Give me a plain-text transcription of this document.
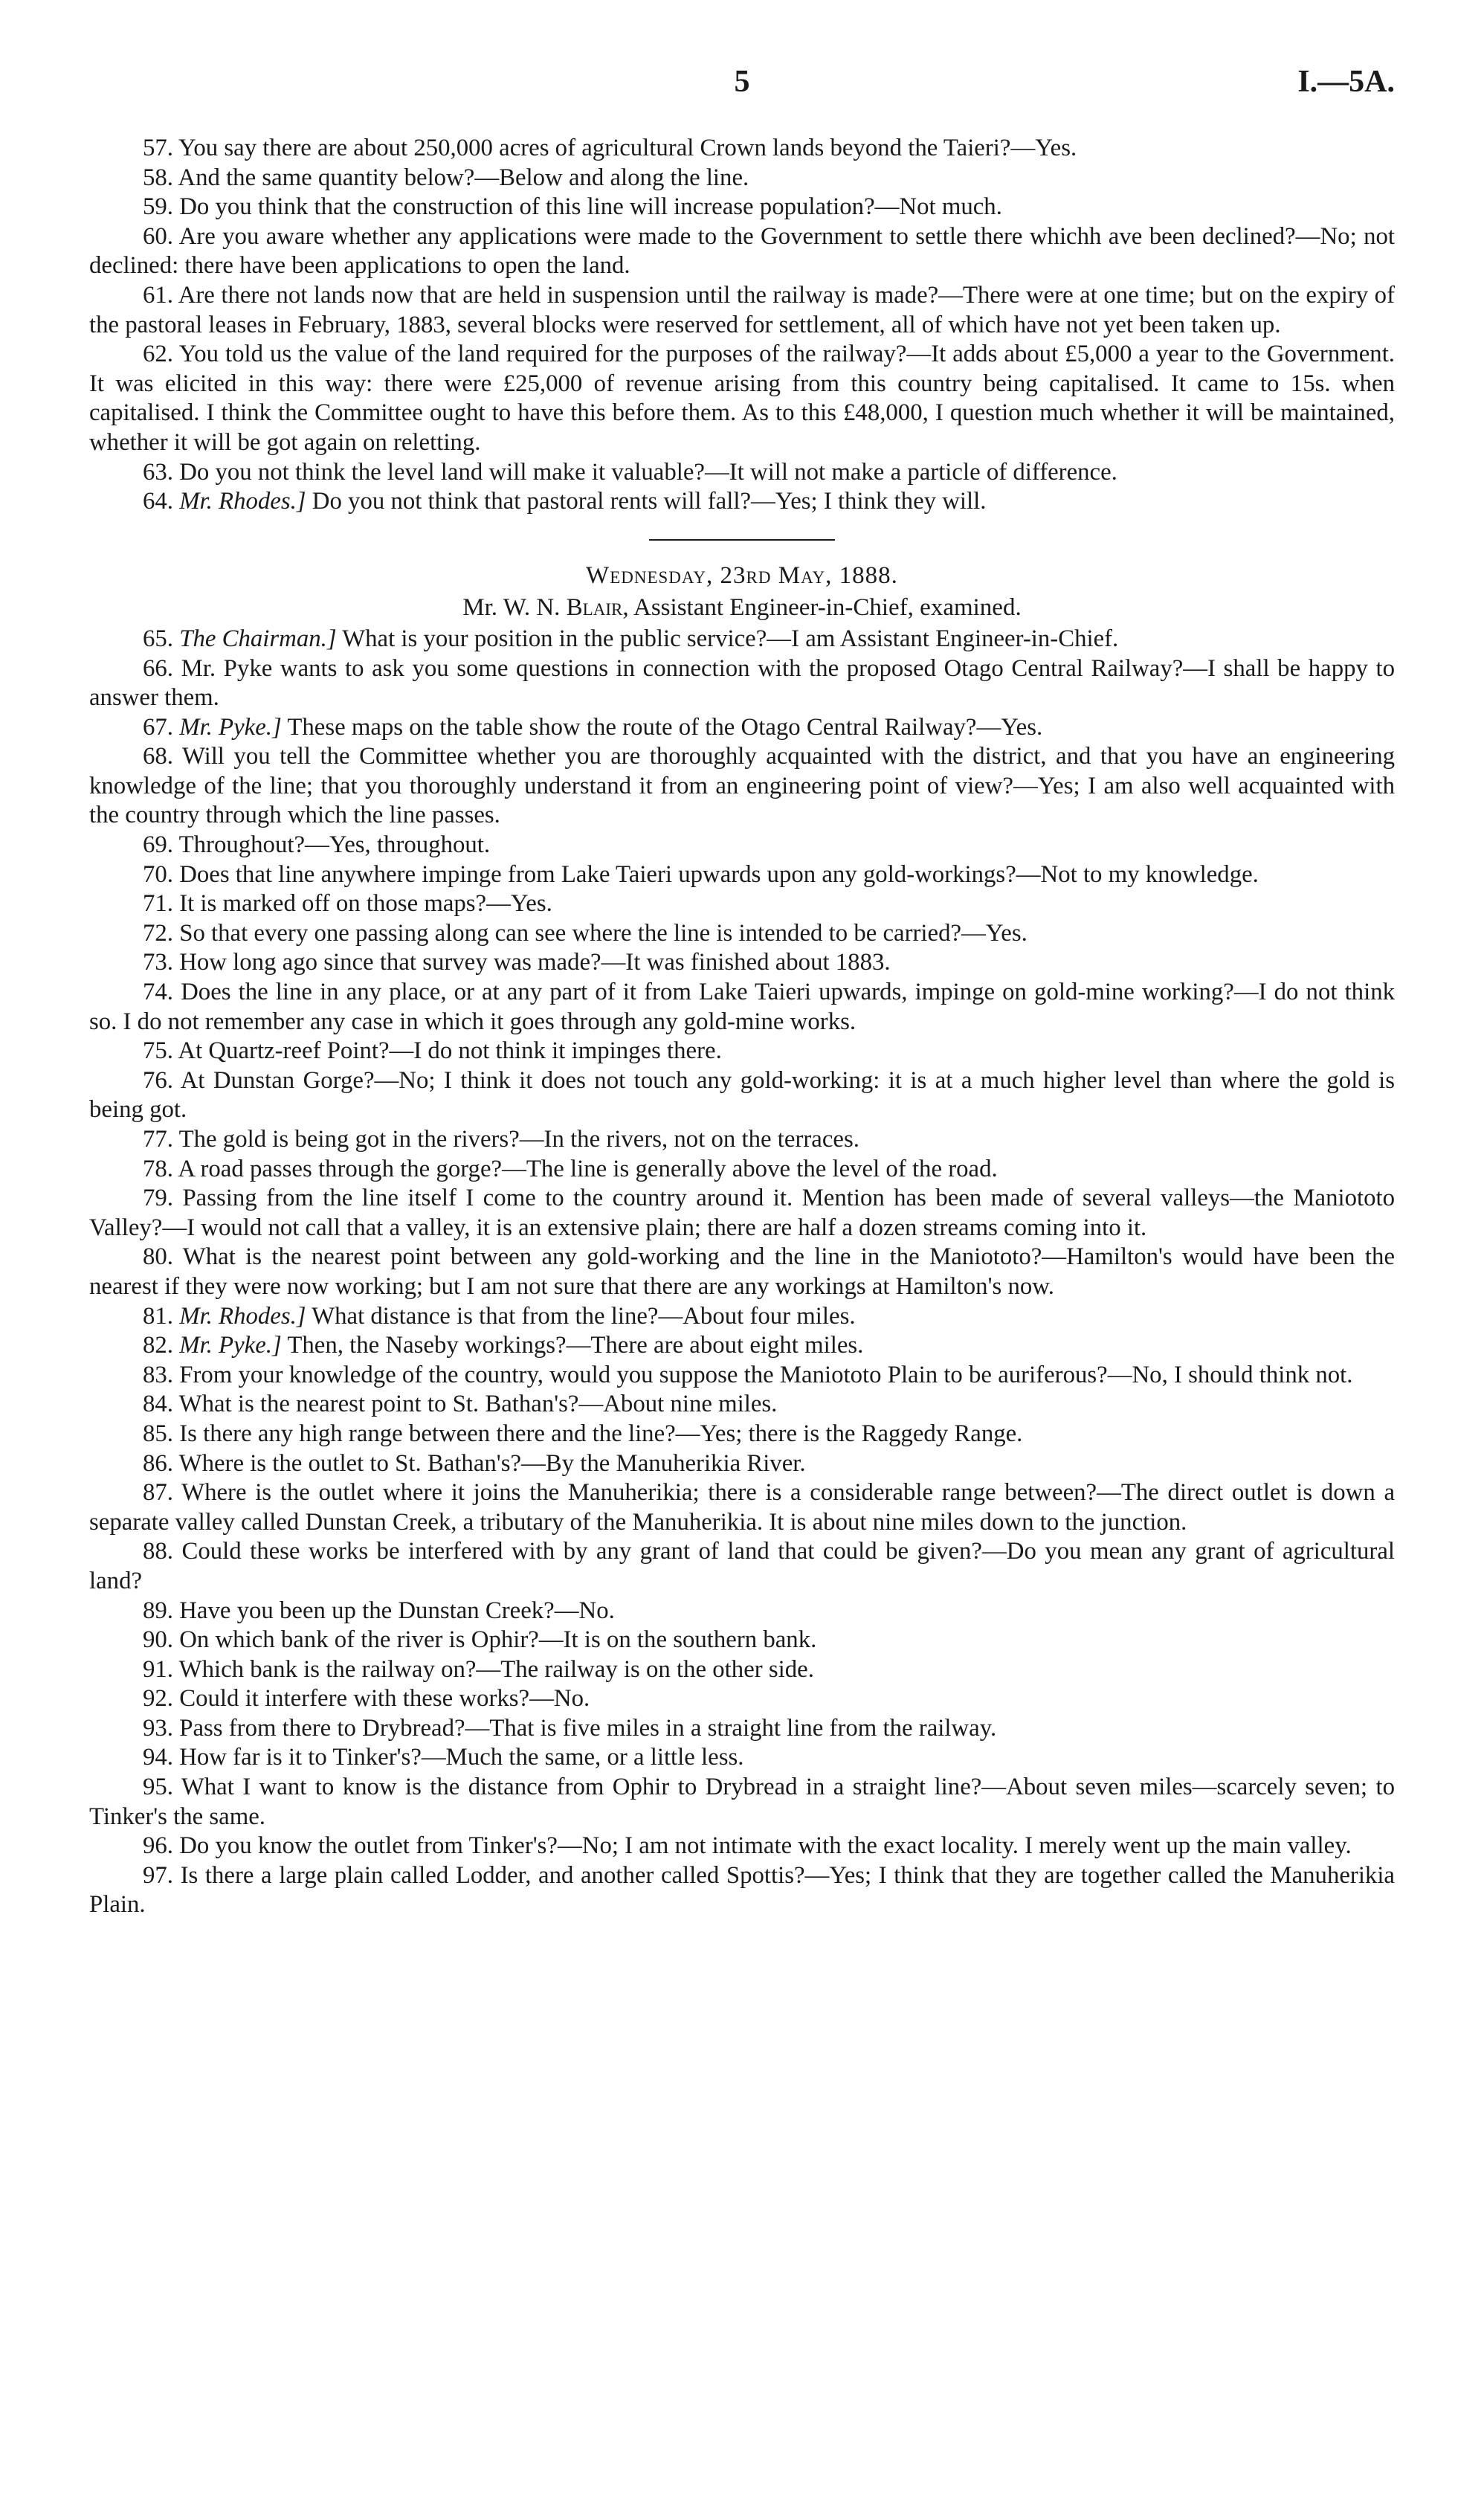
5	I.—5A.

57. You say there are about 250,000 acres of agricultural Crown lands beyond the Taieri?—Yes.

58. And the same quantity below?—Below and along the line.

59. Do you think that the construction of this line will increase population?—Not much.

60. Are you aware whether any applications were made to the Government to settle there whichh ave been declined?—No; not declined: there have been applications to open the land.

61. Are there not lands now that are held in suspension until the railway is made?—There were at one time; but on the expiry of the pastoral leases in February, 1883, several blocks were reserved for settlement, all of which have not yet been taken up.

62. You told us the value of the land required for the purposes of the railway?—It adds about £5,000 a year to the Government. It was elicited in this way: there were £25,000 of revenue arising from this country being capitalised. It came to 15s. when capitalised. I think the Committee ought to have this before them. As to this £48,000, I question much whether it will be maintained, whether it will be got again on reletting.

63. Do you not think the level land will make it valuable?—It will not make a particle of difference.

64. Mr. Rhodes.] Do you not think that pastoral rents will fall?—Yes; I think they will.

Wednesday, 23rd May, 1888.
Mr. W. N. Blair, Assistant Engineer-in-Chief, examined.

65. The Chairman.] What is your position in the public service?—I am Assistant Engineer-in-Chief.

66. Mr. Pyke wants to ask you some questions in connection with the proposed Otago Central Railway?—I shall be happy to answer them.

67. Mr. Pyke.] These maps on the table show the route of the Otago Central Railway?—Yes.

68. Will you tell the Committee whether you are thoroughly acquainted with the district, and that you have an engineering knowledge of the line; that you thoroughly understand it from an engineering point of view?—Yes; I am also well acquainted with the country through which the line passes.

69. Throughout?—Yes, throughout.

70. Does that line anywhere impinge from Lake Taieri upwards upon any gold-workings?—Not to my knowledge.

71. It is marked off on those maps?—Yes.

72. So that every one passing along can see where the line is intended to be carried?—Yes.

73. How long ago since that survey was made?—It was finished about 1883.

74. Does the line in any place, or at any part of it from Lake Taieri upwards, impinge on gold-mine working?—I do not think so. I do not remember any case in which it goes through any gold-mine works.

75. At Quartz-reef Point?—I do not think it impinges there.

76. At Dunstan Gorge?—No; I think it does not touch any gold-working: it is at a much higher level than where the gold is being got.

77. The gold is being got in the rivers?—In the rivers, not on the terraces.

78. A road passes through the gorge?—The line is generally above the level of the road.

79. Passing from the line itself I come to the country around it. Mention has been made of several valleys—the Maniototo Valley?—I would not call that a valley, it is an extensive plain; there are half a dozen streams coming into it.

80. What is the nearest point between any gold-working and the line in the Maniototo?—Hamilton's would have been the nearest if they were now working; but I am not sure that there are any workings at Hamilton's now.

81. Mr. Rhodes.] What distance is that from the line?—About four miles.

82. Mr. Pyke.] Then, the Naseby workings?—There are about eight miles.

83. From your knowledge of the country, would you suppose the Maniototo Plain to be auriferous?—No, I should think not.

84. What is the nearest point to St. Bathan's?—About nine miles.

85. Is there any high range between there and the line?—Yes; there is the Raggedy Range.

86. Where is the outlet to St. Bathan's?—By the Manuherikia River.

87. Where is the outlet where it joins the Manuherikia; there is a considerable range between?—The direct outlet is down a separate valley called Dunstan Creek, a tributary of the Manuherikia. It is about nine miles down to the junction.

88. Could these works be interfered with by any grant of land that could be given?—Do you mean any grant of agricultural land?

89. Have you been up the Dunstan Creek?—No.

90. On which bank of the river is Ophir?—It is on the southern bank.

91. Which bank is the railway on?—The railway is on the other side.

92. Could it interfere with these works?—No.

93. Pass from there to Drybread?—That is five miles in a straight line from the railway.

94. How far is it to Tinker's?—Much the same, or a little less.

95. What I want to know is the distance from Ophir to Drybread in a straight line?—About seven miles—scarcely seven; to Tinker's the same.

96. Do you know the outlet from Tinker's?—No; I am not intimate with the exact locality. I merely went up the main valley.

97. Is there a large plain called Lodder, and another called Spottis?—Yes; I think that they are together called the Manuherikia Plain.
